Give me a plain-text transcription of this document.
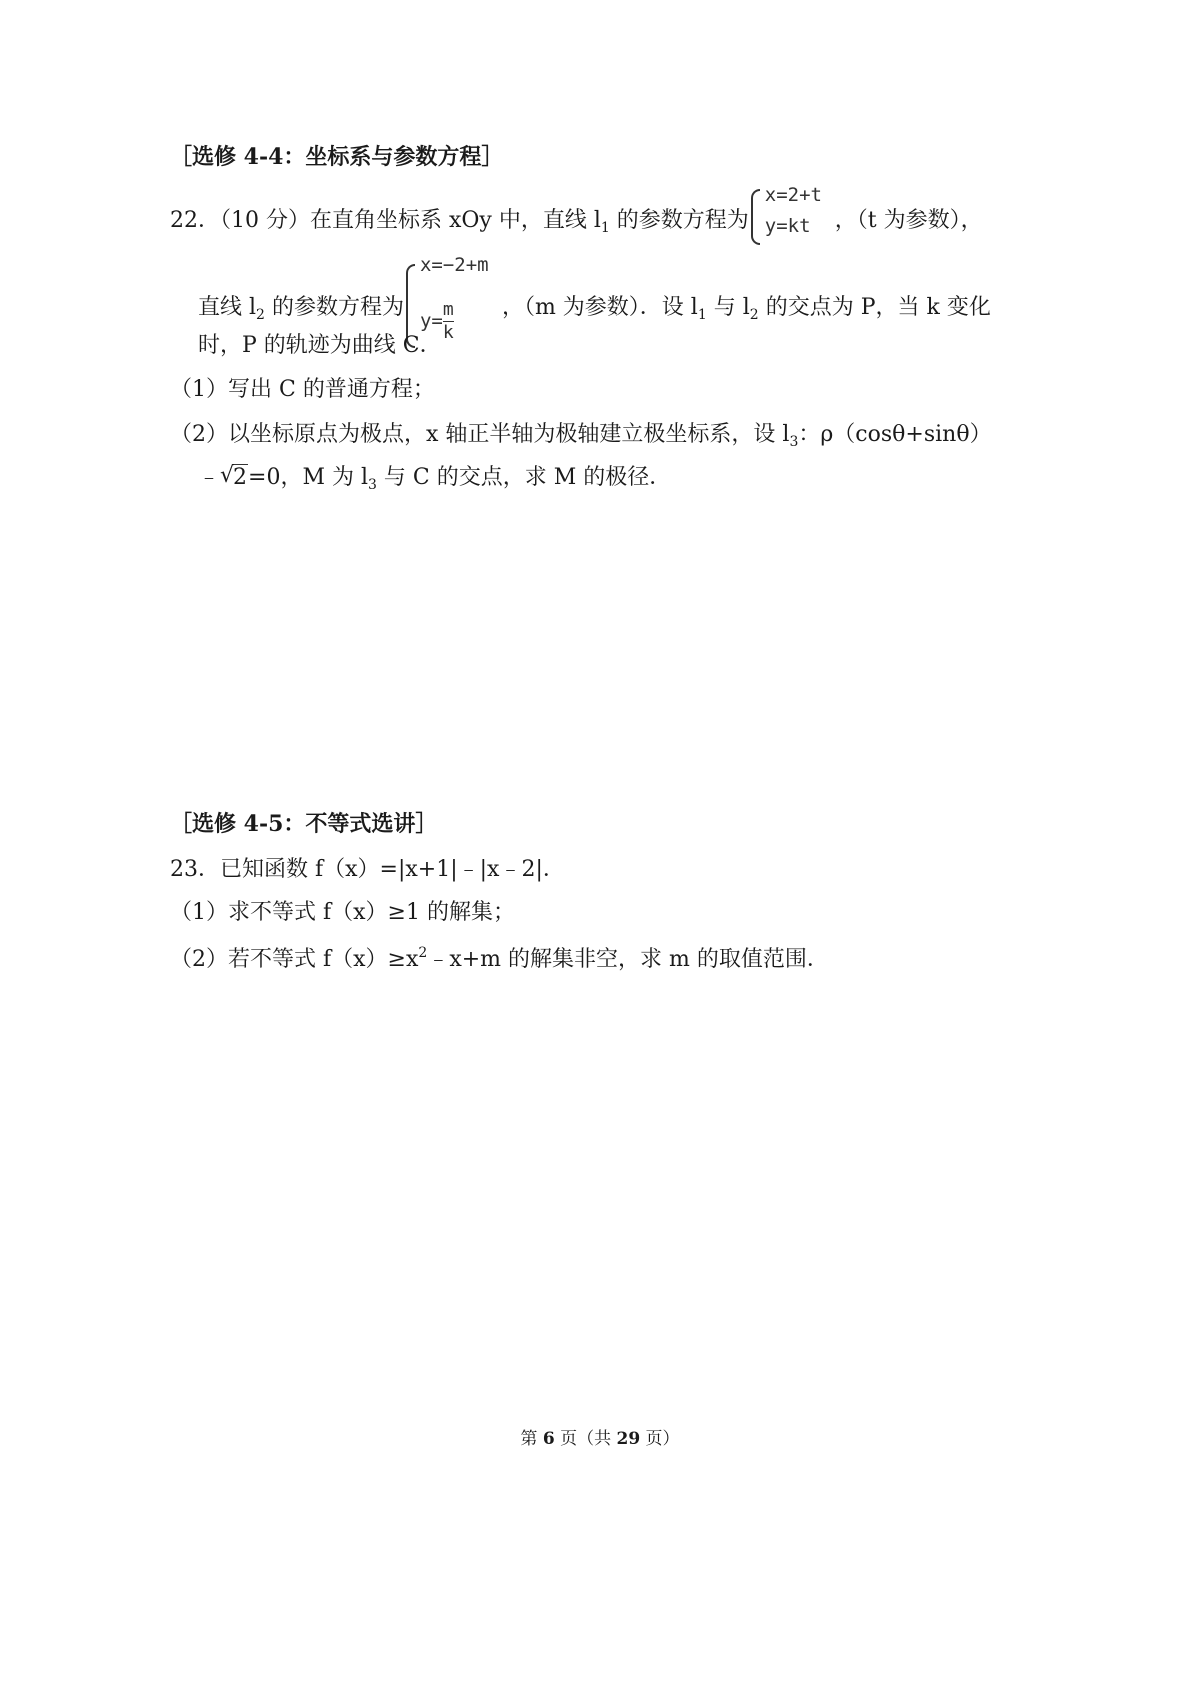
［选修 4-4：坐标系与参数方程］
22．（10 分）在直角坐标系 xOy 中，直线 $l_1$ 的参数方程为
x=2+t
y=kt ，（t 为参数），
直线 $l_2$ 的参数方程为
x=−2+m
$y= \frac{m}{k}$ ，（m 为参数）．设 $l_1$ 与 $l_2$ 的交点为 P，当 k 变化
时，P 的轨迹为曲线 C．
（1）写出 C 的普通方程；
（2）以坐标原点为极点，x 轴正半轴为极轴建立极坐标系，设 $l_3$：ρ（cosθ+sinθ）
﹣ √
2=0，M 为 $l_3$ 与 C 的交点，求 M 的极径．
［选修 4-5：不等式选讲］
23．已知函数 f（x）=|x+1|﹣|x﹣2|．
（1）求不等式 f（x）≥1 的解集；
（2）若不等式 $f(x)\ge x^2﹣x+m$ 的解集非空，求 m 的取值范围．
第 6 页（共 29 页）
